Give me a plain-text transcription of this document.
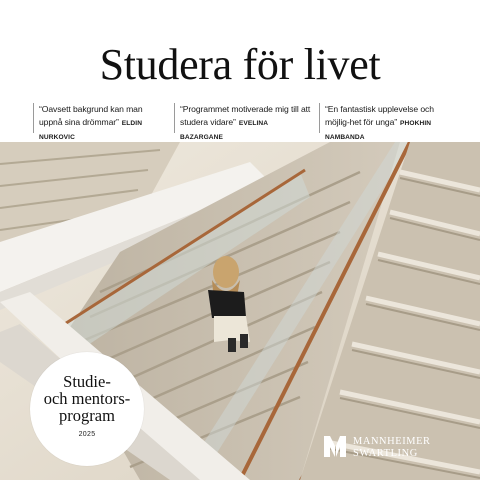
Studera för livet
“Oavsett bakgrund kan man uppnå sina drömmar” ELDIN NURKOVIC
“Programmet motiverade mig till att studera vidare” EVELINA BAZARGANE
“En fantastisk upplevelse och möjlig-het för unga” PHOKHIN NAMBANDA
Studie-
och mentors-
program
2025
MANNHEIMER
SWARTLING
